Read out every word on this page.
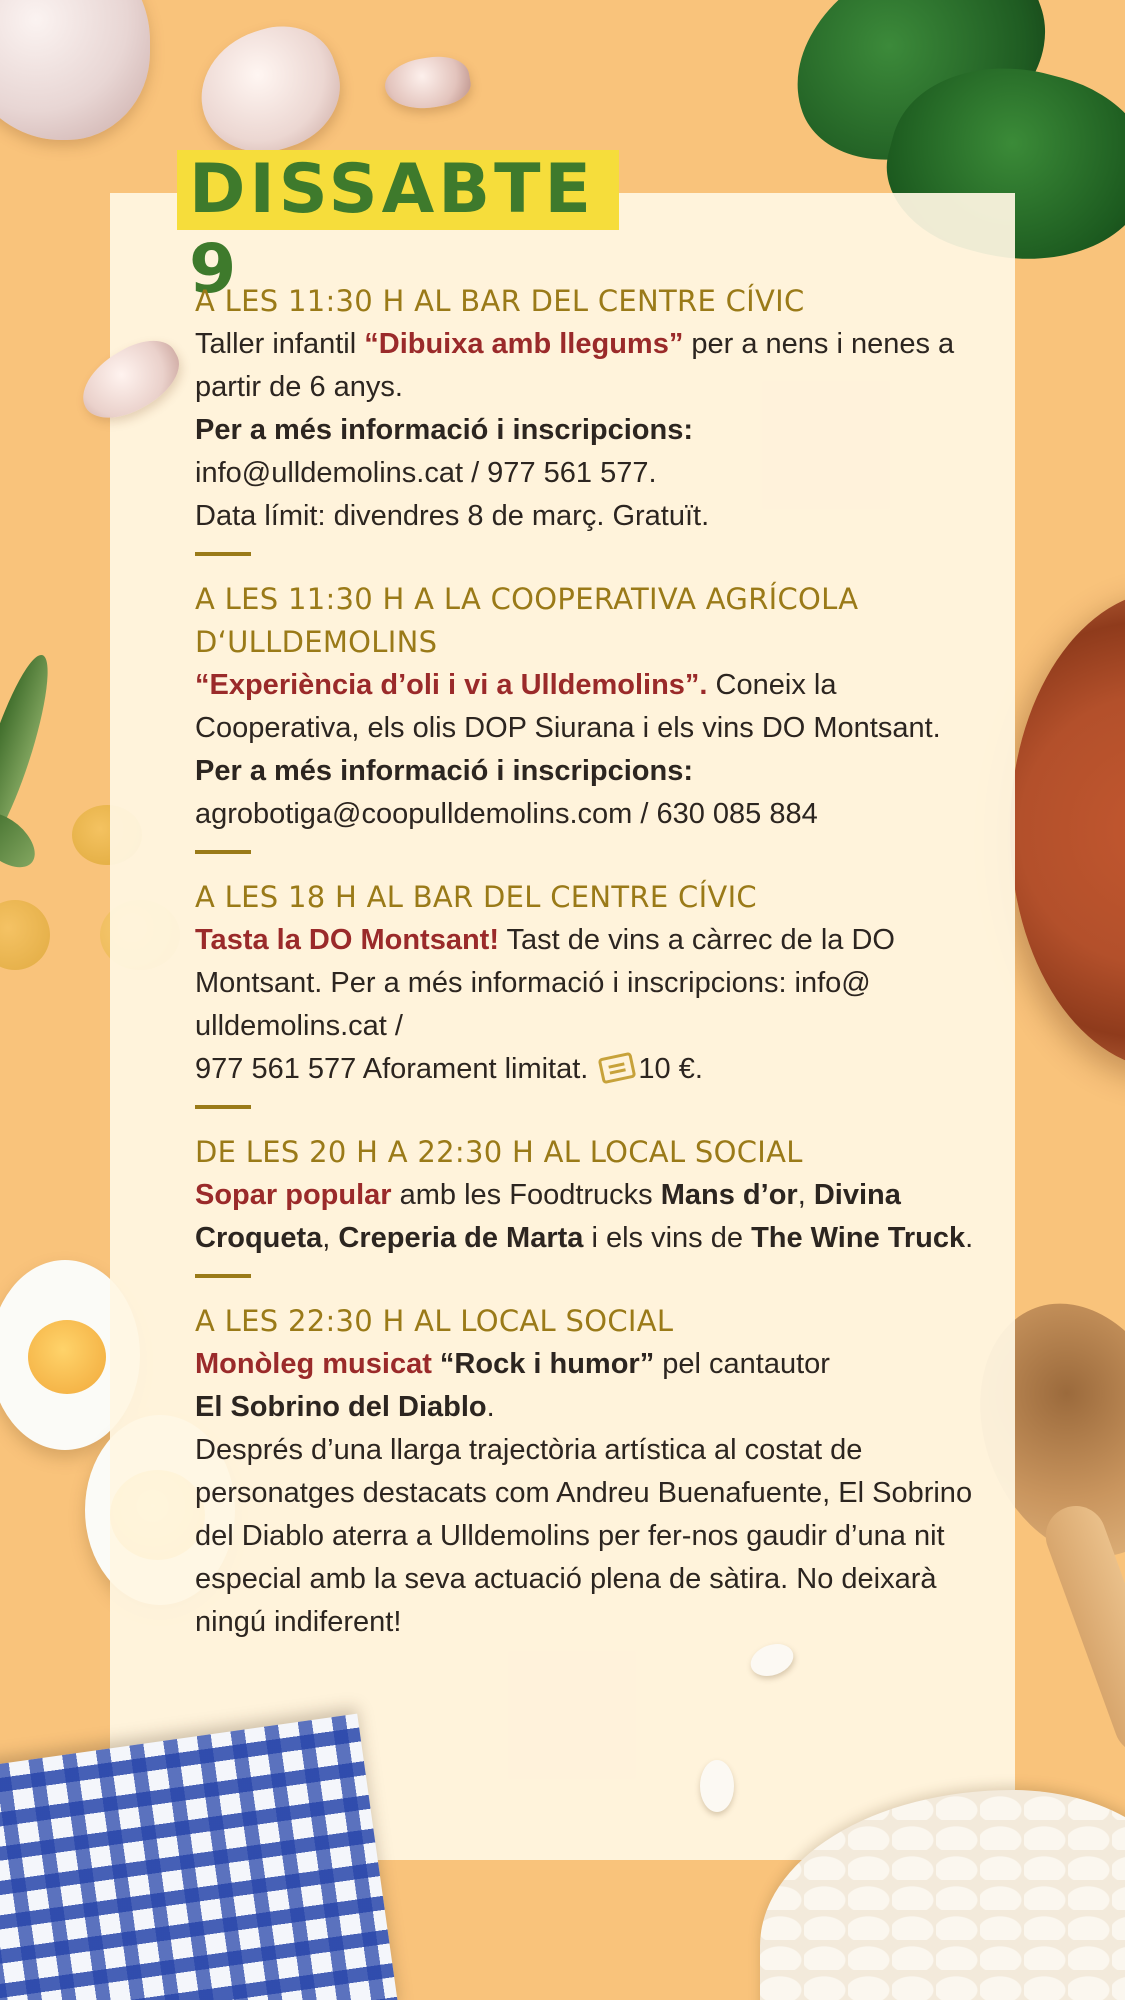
DISSABTE 9
A LES 11:30 H AL BAR DEL CENTRE CÍVIC

Taller infantil “Dibuixa amb llegums” per a nens i nenes a partir de 6 anys.

Per a més informació i inscripcions:

info@ulldemolins.cat / 977 561 577.

Data límit: divendres 8 de març. Gratuït.

A LES 11:30 H A LA COOPERATIVA AGRÍCOLA D‘ULLDEMOLINS

“Experiència d’oli i vi a Ulldemolins”. Coneix la Cooperativa, els olis DOP Siurana i els vins DO Montsant.

Per a més informació i inscripcions:

agrobotiga@coopulldemolins.com / 630 085 884

A LES 18 H AL BAR DEL CENTRE CÍVIC

Tasta la DO Montsant! Tast de vins a càrrec de la DO Montsant. Per a més informació i inscripcions: info@ ulldemolins.cat /

977 561 577 Aforament limitat. 10 €.

DE LES 20 H A 22:30 H AL LOCAL SOCIAL

Sopar popular amb les Foodtrucks Mans d’or, Divina Croqueta, Creperia de Marta i els vins de The Wine Truck.

A LES 22:30 H AL LOCAL SOCIAL

Monòleg musicat “Rock i humor” pel cantautor

El Sobrino del Diablo.

Després d’una llarga trajectòria artística al costat de personatges destacats com Andreu Buenafuente, El Sobrino del Diablo aterra a Ulldemolins per fer-nos gaudir d’una nit especial amb la seva actuació plena de sàtira. No deixarà ningú indiferent!
